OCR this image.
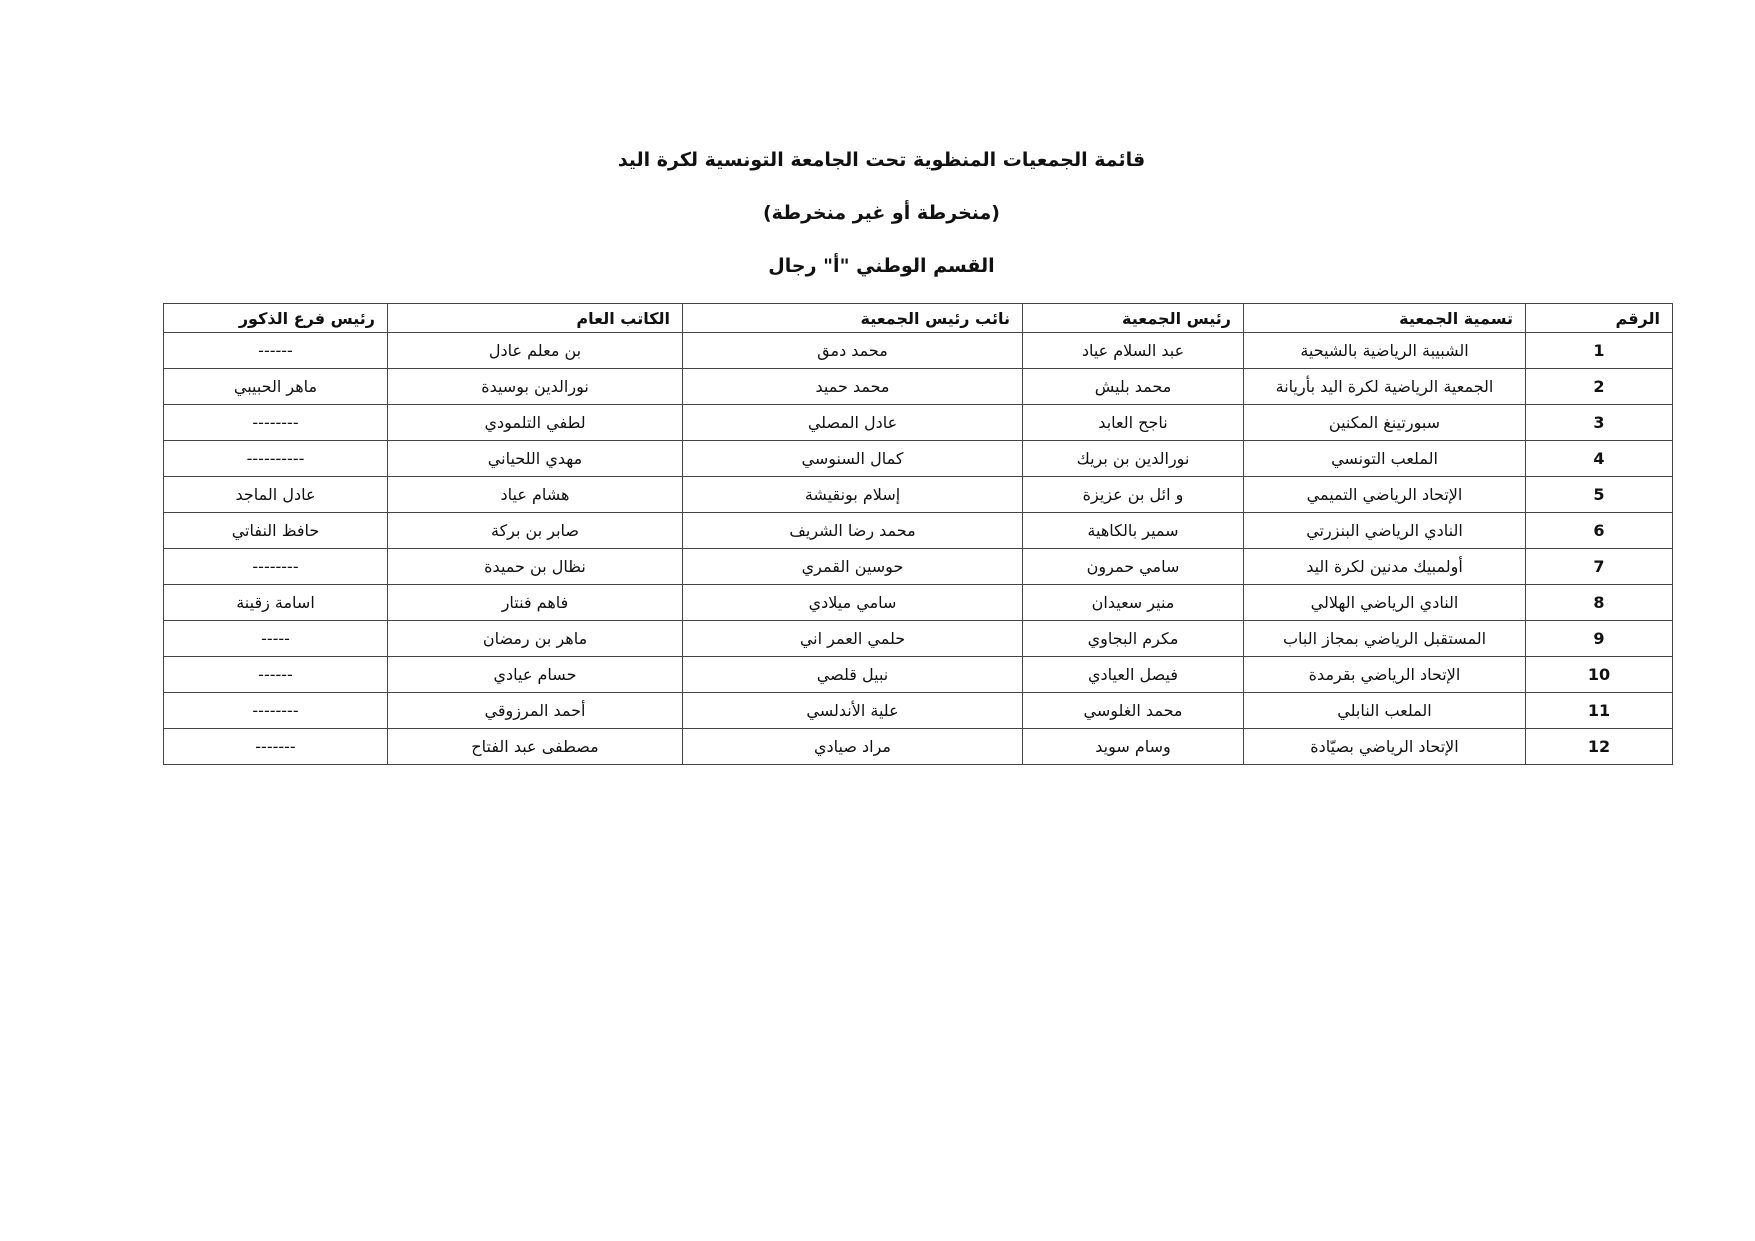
قائمة الجمعيات المنظوية تحت الجامعة التونسية لكرة اليد
(منخرطة أو غير منخرطة)
القسم الوطني "أ" رجال
الرقم	تسمية الجمعية	رئيس الجمعية	نائب رئيس الجمعية	الكاتب العام	رئيس فرع الذكور
1	الشبيبة الرياضية بالشيحية	عبد السلام عياد	محمد دمق	بن معلم عادل	------
2	الجمعية الرياضية لكرة اليد بأريانة	محمد بليش	محمد حميد	نورالدين بوسيدة	ماهر الحبيبي
3	سبورتينغ المكنين	ناجح العابد	عادل المصلي	لطفي التلمودي	--------
4	الملعب التونسي	نورالدين بن بريك	كمال السنوسي	مهدي اللحياني	----------
5	الإتحاد الرياضي التميمي	و ائل بن عزيزة	إسلام بونقيشة	هشام عياد	عادل الماجد
6	النادي الرياضي البنزرتي	سمير بالكاهية	محمد رضا الشريف	صابر بن بركة	حافظ النفاتي
7	أولمبيك مدنين لكرة اليد	سامي حمرون	حوسين القمري	نظال بن حميدة	--------
8	النادي الرياضي الهلالي	منير سعيدان	سامي ميلادي	فاهم فنتار	اسامة زقينة
9	المستقبل الرياضي بمجاز الباب	مكرم البجاوي	حلمي العمر اني	ماهر بن رمضان	-----
10	الإتحاد الرياضي بقرمدة	فيصل العيادي	نبيل قلصي	حسام عيادي	------
11	الملعب النابلي	محمد الغلوسي	علية الأندلسي	أحمد المرزوقي	--------
12	الإتحاد الرياضي بصيّادة	وسام سويد	مراد صيادي	مصطفى عبد الفتاح	-------
